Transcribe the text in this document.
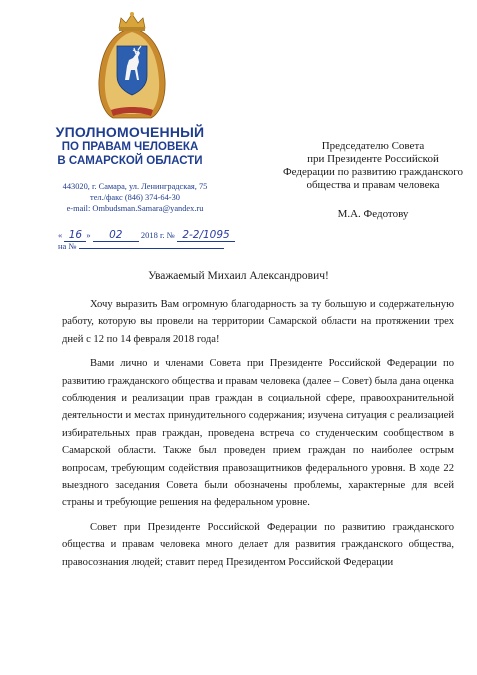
УПОЛНОМОЧЕННЫЙ
ПО ПРАВАМ ЧЕЛОВЕКА
В САМАРСКОЙ ОБЛАСТИ
443020, г. Самара, ул. Ленинградская, 75
тел./факс (846) 374-64-30
e-mail: Ombudsman.Samara@yandex.ru
« 16 » 02 2018 г. № 2-2/1095
на №
Председателю Совета
при Президенте Российской
Федерации по развитию гражданского
общества и правам человека
М.А. Федотову
Уважаемый Михаил Александрович!

Хочу выразить Вам огромную благодарность за ту большую и содержательную работу, которую вы провели на территории Самарской области на протяжении трех дней с 12 по 14 февраля 2018 года!

Вами лично и членами Совета при Президенте Российской Федерации по развитию гражданского общества и правам человека (далее – Совет) была дана оценка соблюдения и реализации прав граждан в социальной сфере, правоохранительной деятельности и местах принудительного содержания; изучена ситуация с реализацией избирательных прав граждан, проведена встреча со студенческим сообществом в Самарской области. Также был проведен прием граждан по наиболее острым вопросам, требующим содействия правозащитников федерального уровня. В ходе 22 выездного заседания Совета были обозначены проблемы, характерные для всей страны и требующие решения на федеральном уровне.

Совет при Президенте Российской Федерации по развитию гражданского общества и правам человека много делает для развития гражданского общества, правосознания людей; ставит перед Президентом Российской Федерации
